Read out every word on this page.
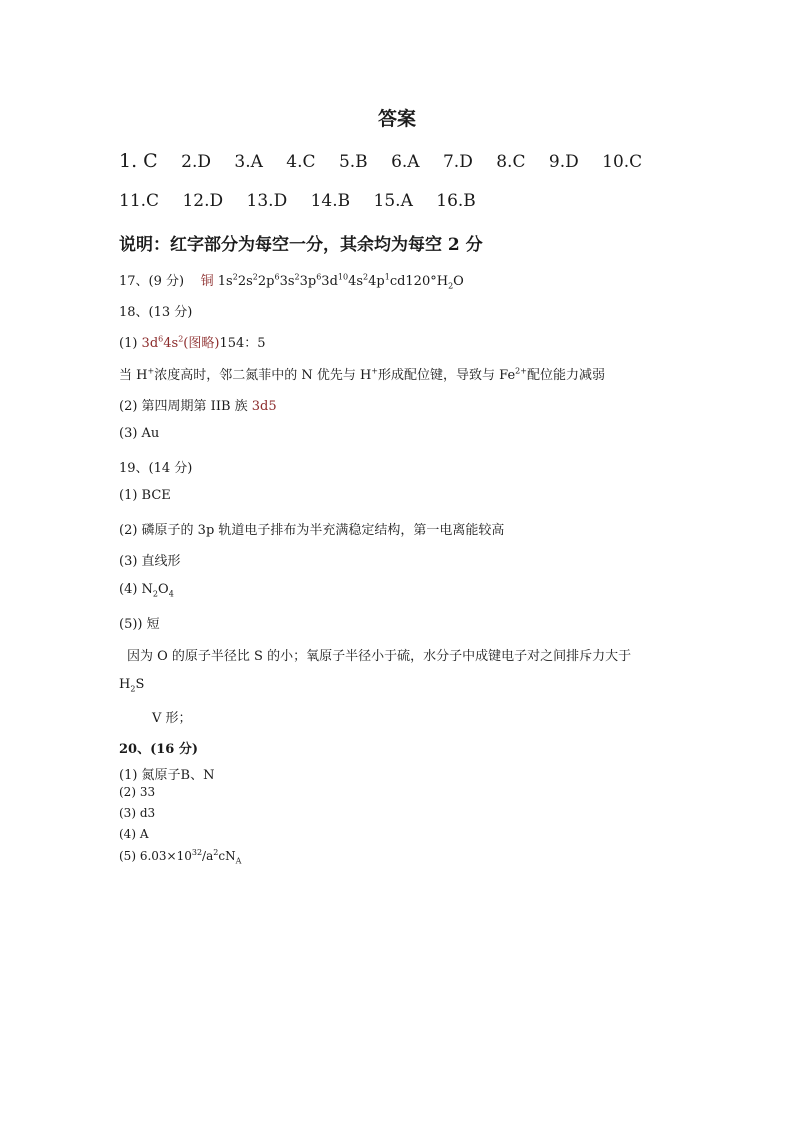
答案
1. C 2.D 3.A 4.C 5.B 6.A 7.D 8.C 9.D 10.C
11.C 12.D 13.D 14.B 15.A 16.B
说明：红字部分为每空一分，其余均为每空 2 分
17、(9 分) 铜 $1s^22s^22p^63s^23p^63d^{10}4s^24p^1cd120^\circ H_2O$
18、(13 分)
(1) $3d^64s^2$(图略)154：5
当 H+浓度高时，邻二氮菲中的 N 优先与 H+形成配位键，导致与 $Fe^{2+}$配位能力减弱
(2) 第四周期第 IIB 族 3d5
(3) Au
19、(14 分)
(1) BCE
(2) 磷原子的 3p 轨道电子排布为半充满稳定结构，第一电离能较高
(3) 直线形
(4) $N_2O_4$
(5)) 短
因为 O 的原子半径比 S 的小；氧原子半径小于硫，水分子中成键电子对之间排斥力大于
$H_2S$
V 形；
20、(16 分)
(1) 氮原子B、N
(2) 33
(3) d3
(4) A
(5) $6.03\times 10^{32}/a^2cN_A$
